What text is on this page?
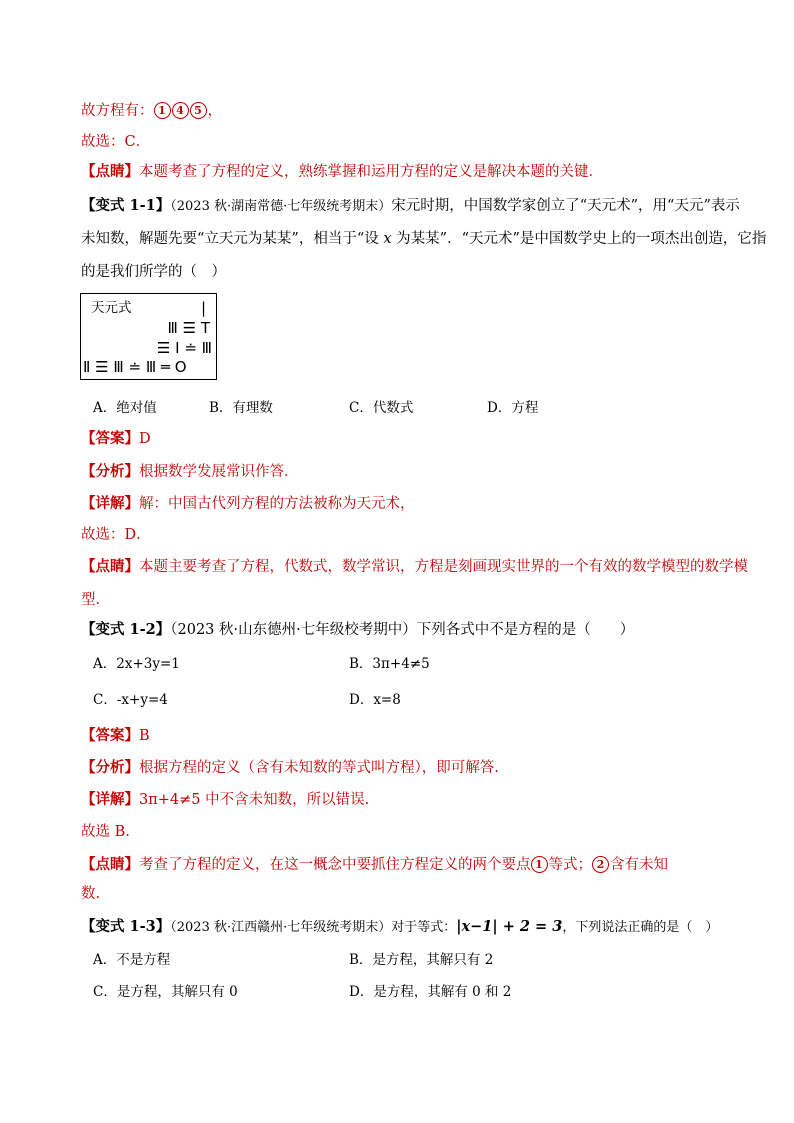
故方程有： 1 4 5 ，
故选：C．
【点睛】本题考查了方程的定义，熟练掌握和运用方程的定义是解决本题的关键．
【变式 1-1】（2023 秋·湖南常德·七年级统考期末）宋元时期，中国数学家创立了“天元术”，用“天元”表示
未知数，解题先要“立天元为某某”，相当于“设 x 为某某”．“天元术”是中国数学史上的一项杰出创造，它指
的是我们所学的（　）
天元式	|
Ⅲ ☰ T
☰ Ⅰ ≐ Ⅲ
Ⅱ ☰ Ⅲ ≐ Ⅲ ═ O
A．绝对值	B．有理数	C．代数式	D．方程
【答案】D
【分析】根据数学发展常识作答．
【详解】解：中国古代列方程的方法被称为天元术，
故选：D．
【点睛】本题主要考查了方程，代数式，数学常识，方程是刻画现实世界的一个有效的数学模型的数学模
型．
【变式 1-2】（2023 秋·山东德州·七年级校考期中）下列各式中不是方程的是（　　）
A．2x+3y=1	B．3π+4≠5
C．-x+y=4	D．x=8
【答案】B
【分析】根据方程的定义（含有未知数的等式叫方程），即可解答.
【详解】3π+4≠5 中不含未知数，所以错误.
故选 B.
【点睛】考查了方程的定义，在这一概念中要抓住方程定义的两个要点 1 等式； 2 含有未知
数.
【变式 1-3】（2023 秋·江西赣州·七年级统考期末）对于等式：|x−1| + 2 = 3，下列说法正确的是（　）
A．不是方程	B．是方程，其解只有 2
C．是方程，其解只有 0	D．是方程，其解有 0 和 2
